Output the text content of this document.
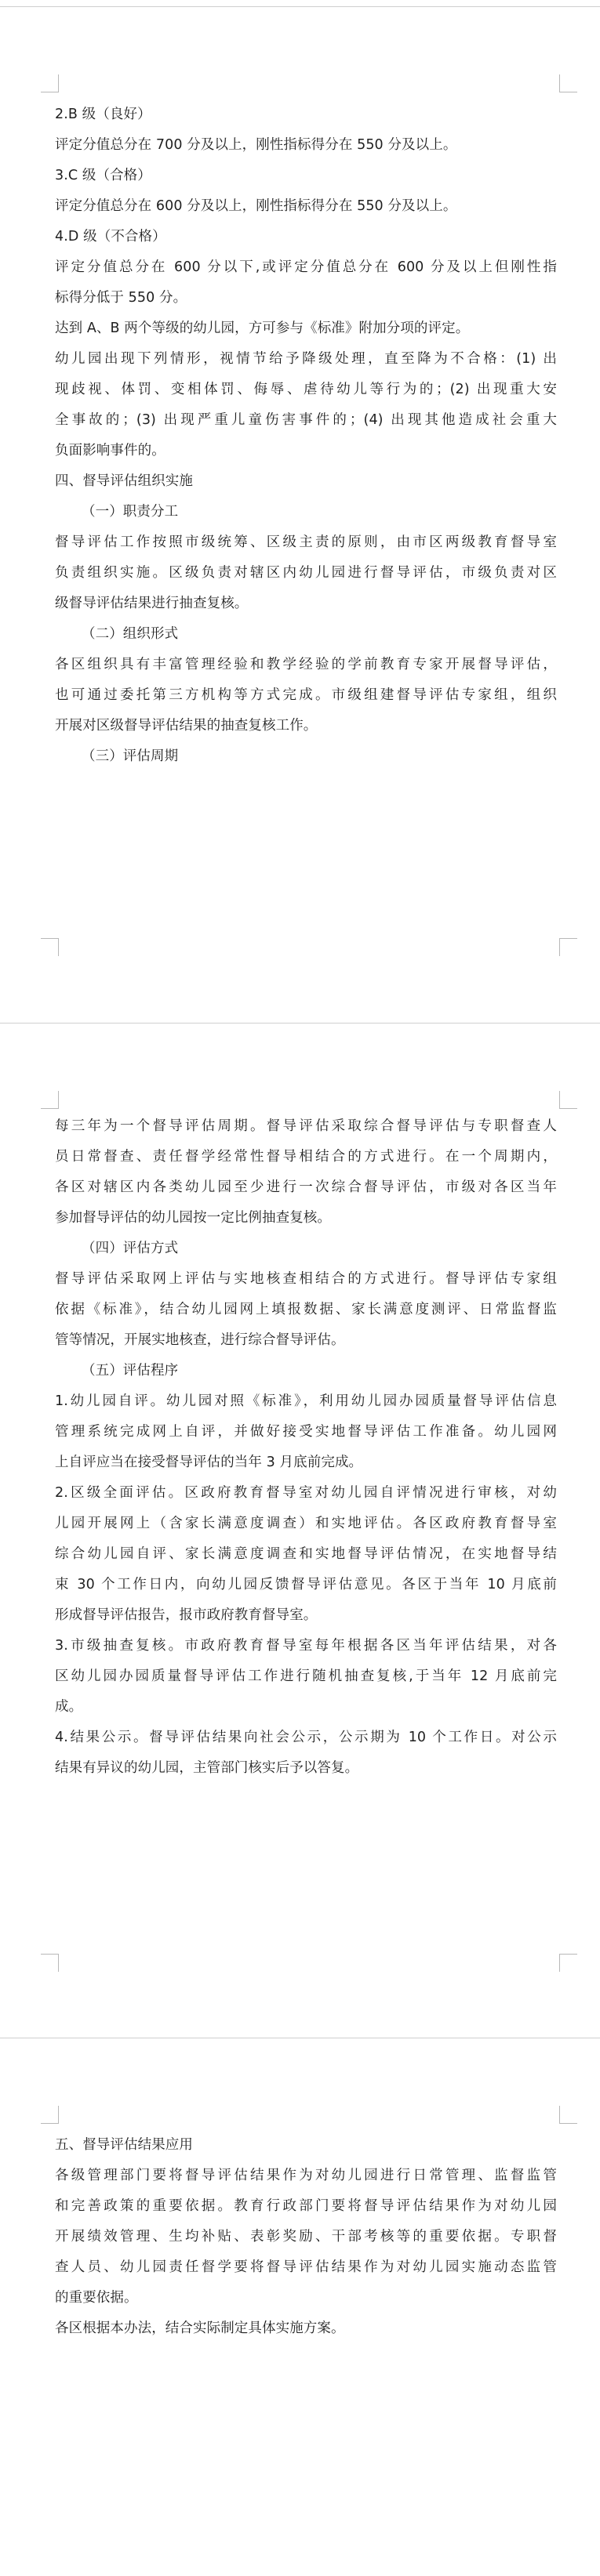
2.B 级（良好）
评定分值总分在 700 分及以上，刚性指标得分在 550 分及以上。
3.C 级（合格）
评定分值总分在 600 分及以上，刚性指标得分在 550 分及以上。
4.D 级（不合格）
评定分值总分在 600 分以下,或评定分值总分在 600 分及以上但刚性指
标得分低于 550 分。
达到 A、B 两个等级的幼儿园，方可参与《标准》附加分项的评定。
幼儿园出现下列情形，视情节给予降级处理，直至降为不合格：(1) 出
现歧视、体罚、变相体罚、侮辱、虐待幼儿等行为的；(2) 出现重大安
全事故的；(3) 出现严重儿童伤害事件的；(4) 出现其他造成社会重大
负面影响事件的。
四、督导评估组织实施
（一）职责分工
督导评估工作按照市级统筹、区级主责的原则，由市区两级教育督导室
负责组织实施。区级负责对辖区内幼儿园进行督导评估，市级负责对区
级督导评估结果进行抽查复核。
（二）组织形式
各区组织具有丰富管理经验和教学经验的学前教育专家开展督导评估，
也可通过委托第三方机构等方式完成。市级组建督导评估专家组，组织
开展对区级督导评估结果的抽查复核工作。
（三）评估周期
每三年为一个督导评估周期。督导评估采取综合督导评估与专职督查人
员日常督查、责任督学经常性督导相结合的方式进行。在一个周期内，
各区对辖区内各类幼儿园至少进行一次综合督导评估，市级对各区当年
参加督导评估的幼儿园按一定比例抽查复核。
（四）评估方式
督导评估采取网上评估与实地核查相结合的方式进行。督导评估专家组
依据《标准》，结合幼儿园网上填报数据、家长满意度测评、日常监督监
管等情况，开展实地核查，进行综合督导评估。
（五）评估程序
1.幼儿园自评。幼儿园对照《标准》，利用幼儿园办园质量督导评估信息
管理系统完成网上自评，并做好接受实地督导评估工作准备。幼儿园网
上自评应当在接受督导评估的当年 3 月底前完成。
2.区级全面评估。区政府教育督导室对幼儿园自评情况进行审核，对幼
儿园开展网上（含家长满意度调查）和实地评估。各区政府教育督导室
综合幼儿园自评、家长满意度调查和实地督导评估情况，在实地督导结
束 30 个工作日内，向幼儿园反馈督导评估意见。各区于当年 10 月底前
形成督导评估报告，报市政府教育督导室。
3.市级抽查复核。市政府教育督导室每年根据各区当年评估结果，对各
区幼儿园办园质量督导评估工作进行随机抽查复核,于当年 12 月底前完
成。
4.结果公示。督导评估结果向社会公示，公示期为 10 个工作日。对公示
结果有异议的幼儿园，主管部门核实后予以答复。
五、督导评估结果应用
各级管理部门要将督导评估结果作为对幼儿园进行日常管理、监督监管
和完善政策的重要依据。教育行政部门要将督导评估结果作为对幼儿园
开展绩效管理、生均补贴、表彰奖励、干部考核等的重要依据。专职督
查人员、幼儿园责任督学要将督导评估结果作为对幼儿园实施动态监管
的重要依据。
各区根据本办法，结合实际制定具体实施方案。
